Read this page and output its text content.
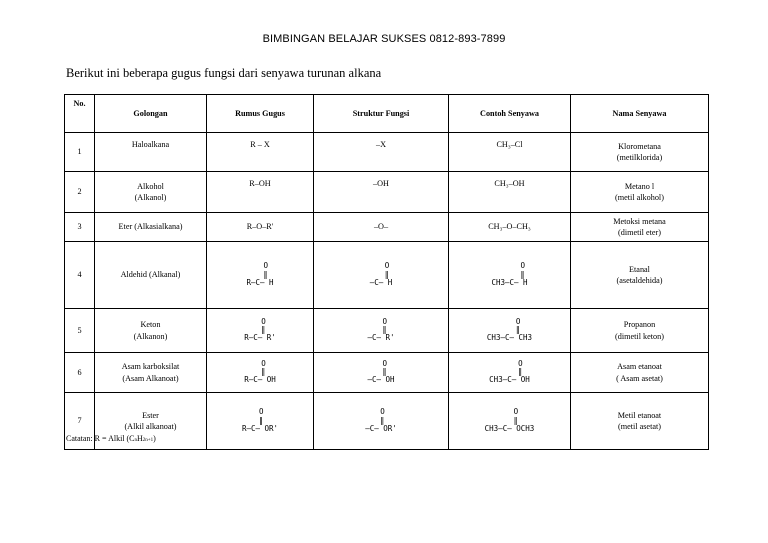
BIMBINGAN BELAJAR SUKSES 0812-893-7899
Berikut ini beberapa gugus fungsi dari senyawa turunan alkana
No.	Golongan	Rumus Gugus	Struktur Fungsi	Contoh Senyawa	Nama Senyawa
1	Haloalkana	R – X	–X	CH₃–Cl	Klorometana
(metilklorida)
2	Alkohol
(Alkanol)	R–OH	–OH	CH₃–OH	Metano l
(metil alkohol)
3	Eter (Alkasialkana)	R–O–R'	–O–	CH₃–O–CH₃	Metoksi metana
(dimetil eter)
4	Aldehid (Alkanal)	O
‖
R–C– H	O
‖
–C– H	O
‖
CH3–C– H	Etanal
(asetaldehida)
5	Keton
(Alkanon)	O
‖
R–C– R'	O
‖
–C– R'	O
‖
CH3–C– CH3	Propanon
(dimetil keton)
6	Asam karboksilat
(Asam Alkanoat)	O
‖
R–C– OH	O
‖
–C– OH	O
‖
CH3–C– OH	Asam etanoat
( Asam asetat)
7	Ester
(Alkil alkanoat)	O
‖
R–C– OR'	O
‖
–C– OR'	O
‖
CH3–C– OCH3	Metil etanoat
(metil asetat)
Catatan: R = Alkil (CnH2n+1)
